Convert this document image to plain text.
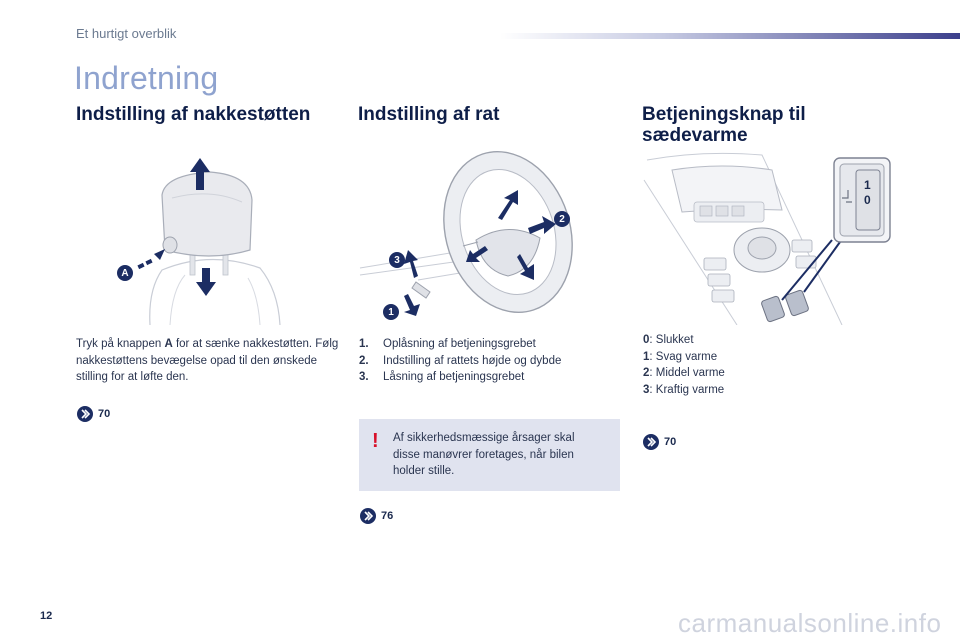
Et hurtigt overblik
Indretning
Indstilling af nakkestøtten
A
Tryk på knappen A for at sænke nakkestøtten. Følg nakkestøttens bevægelse opad til den ønskede stilling for at løfte den.
70
Indstilling af rat
2
3
1
1.	Oplåsning af betjeningsgrebet
2.	Indstilling af rattets højde og dybde
3.	Låsning af betjeningsgrebet
! Af sikkerhedsmæssige årsager skal disse manøvrer foretages, når bilen holder stille.
76
Betjeningsknap til
sædevarme
1
0
0: Slukket
1: Svag varme
2: Middel varme
3: Kraftig varme
70
12	carmanualsonline.info
